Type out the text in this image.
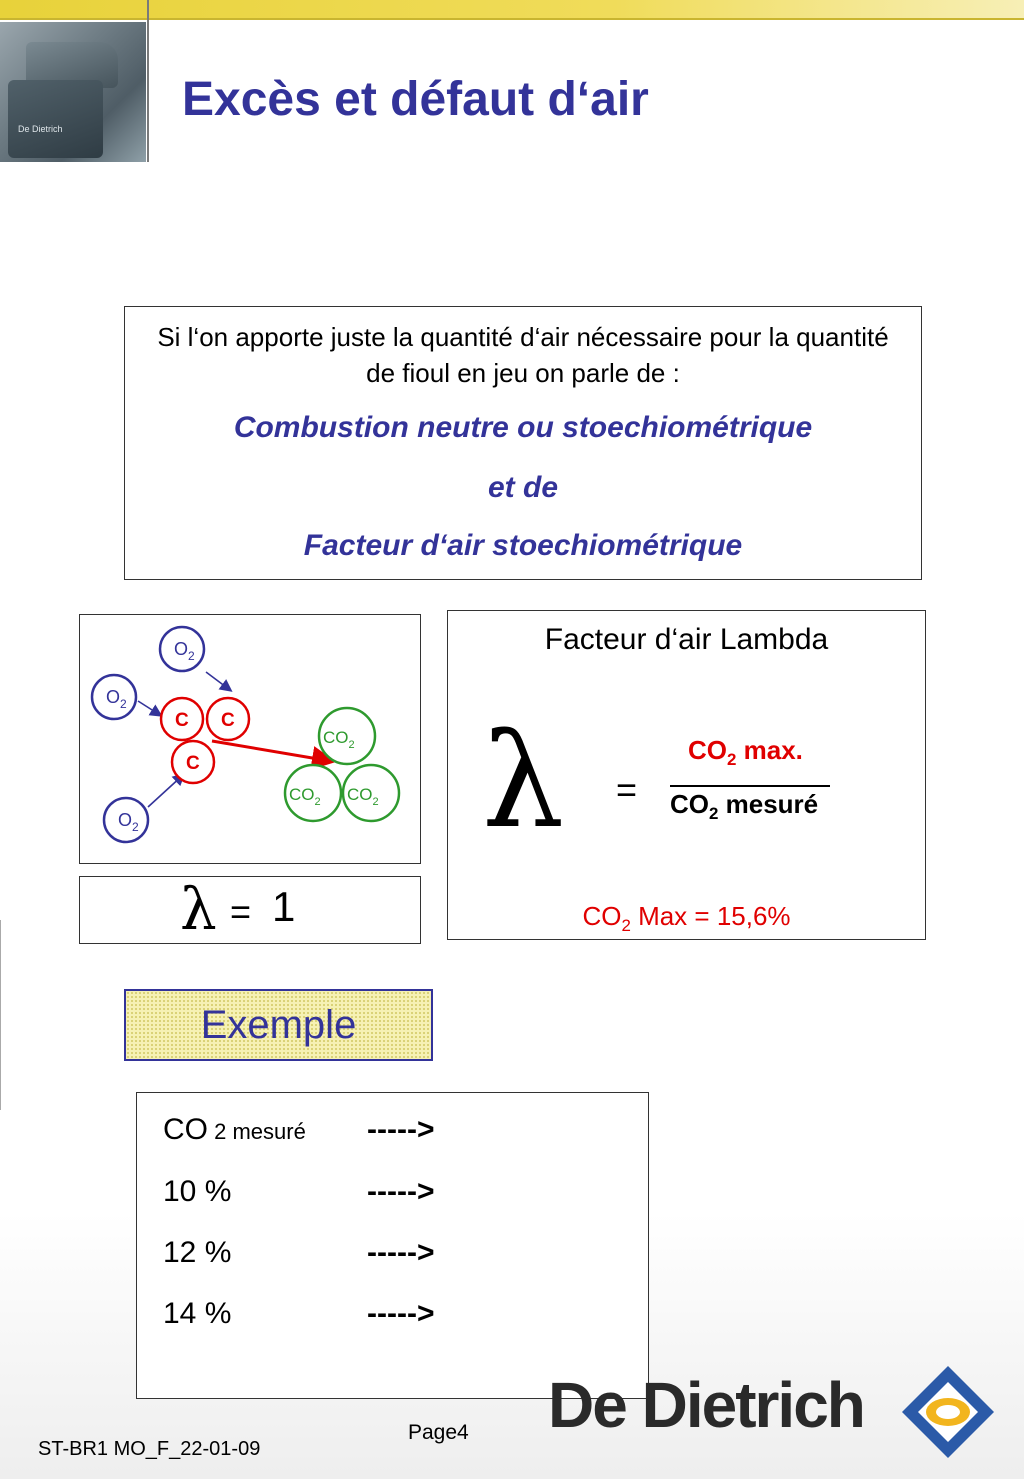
De Dietrich
Excès et défaut d‘air
Si l‘on apporte juste la quantité d‘air nécessaire pour la quantité de fioul en jeu on parle de :
Combustion neutre ou stoechiométrique
et de
Facteur d‘air stoechiométrique
$O_2$
$O_2$
$O_2$
C C
C
$CO_2$
$CO_2$ $CO_2$
λ = 1
Facteur d‘air Lambda
λ =
$CO_2$ max.
$CO_2$ mesuré
$CO_2$ Max = 15,6%
Exemple
CO 2 mesuré ----->
10 %	----->
12 %	----->
14 %	----->
De Dietrich
Page4
ST-BR1 MO_F_22-01-09
